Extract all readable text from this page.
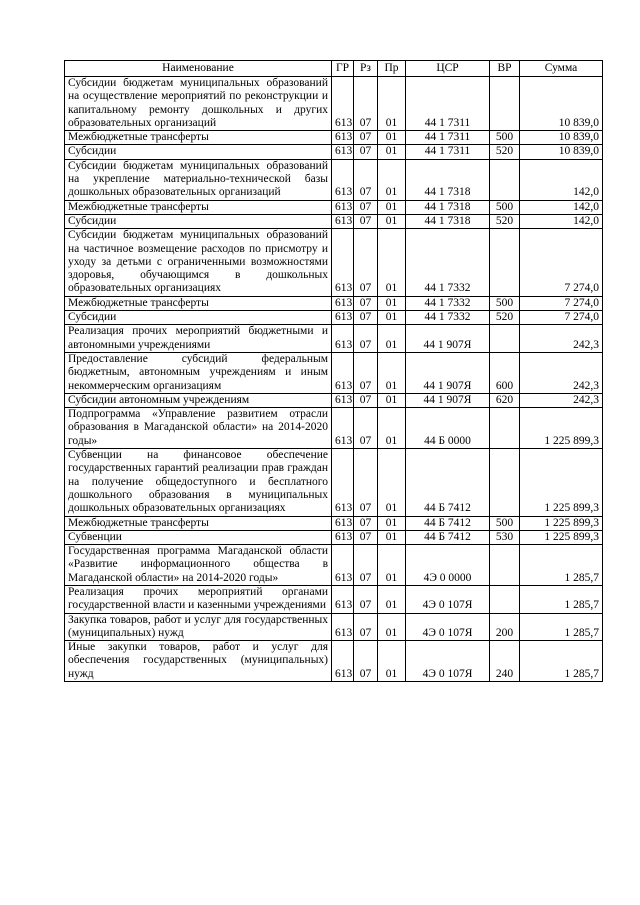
Наименование	ГР	Рз	Пр	ЦСР	ВР	Сумма
Субсидии бюджетам муниципальных образований на осуществление мероприятий по реконструкции и капитальному ремонту дошкольных и других образовательных организаций	613	07	01	44 1 7311		10 839,0
Межбюджетные трансферты	613	07	01	44 1 7311	500	10 839,0
Субсидии	613	07	01	44 1 7311	520	10 839,0
Субсидии бюджетам муниципальных образований на укрепление материально-технической базы дошкольных образовательных организаций	613	07	01	44 1 7318		142,0
Межбюджетные трансферты	613	07	01	44 1 7318	500	142,0
Субсидии	613	07	01	44 1 7318	520	142,0
Субсидии бюджетам муниципальных образований на частичное возмещение расходов по присмотру и уходу за детьми с ограниченными возможностями здоровья, обучающимся в дошкольных образовательных организациях	613	07	01	44 1 7332		7 274,0
Межбюджетные трансферты	613	07	01	44 1 7332	500	7 274,0
Субсидии	613	07	01	44 1 7332	520	7 274,0
Реализация прочих мероприятий бюджетными и автономными учреждениями	613	07	01	44 1 907Я		242,3
Предоставление субсидий федеральным бюджетным, автономным учреждениям и иным некоммерческим организациям	613	07	01	44 1 907Я	600	242,3
Субсидии автономным учреждениям	613	07	01	44 1 907Я	620	242,3
Подпрограмма «Управление развитием отрасли образования в Магаданской области» на 2014-2020 годы»	613	07	01	44 Б 0000		1 225 899,3
Субвенции на финансовое обеспечение государственных гарантий реализации прав граждан на получение общедоступного и бесплатного дошкольного образования в муниципальных дошкольных образовательных организациях	613	07	01	44 Б 7412		1 225 899,3
Межбюджетные трансферты	613	07	01	44 Б 7412	500	1 225 899,3
Субвенции	613	07	01	44 Б 7412	530	1 225 899,3
Государственная программа Магаданской области «Развитие информационного общества в Магаданской области» на 2014-2020 годы»	613	07	01	4Э 0 0000		1 285,7
Реализация прочих мероприятий органами государственной власти и казенными учреждениями	613	07	01	4Э 0 107Я		1 285,7
Закупка товаров, работ и услуг для государственных (муниципальных) нужд	613	07	01	4Э 0 107Я	200	1 285,7
Иные закупки товаров, работ и услуг для обеспечения государственных (муниципальных) нужд	613	07	01	4Э 0 107Я	240	1 285,7
